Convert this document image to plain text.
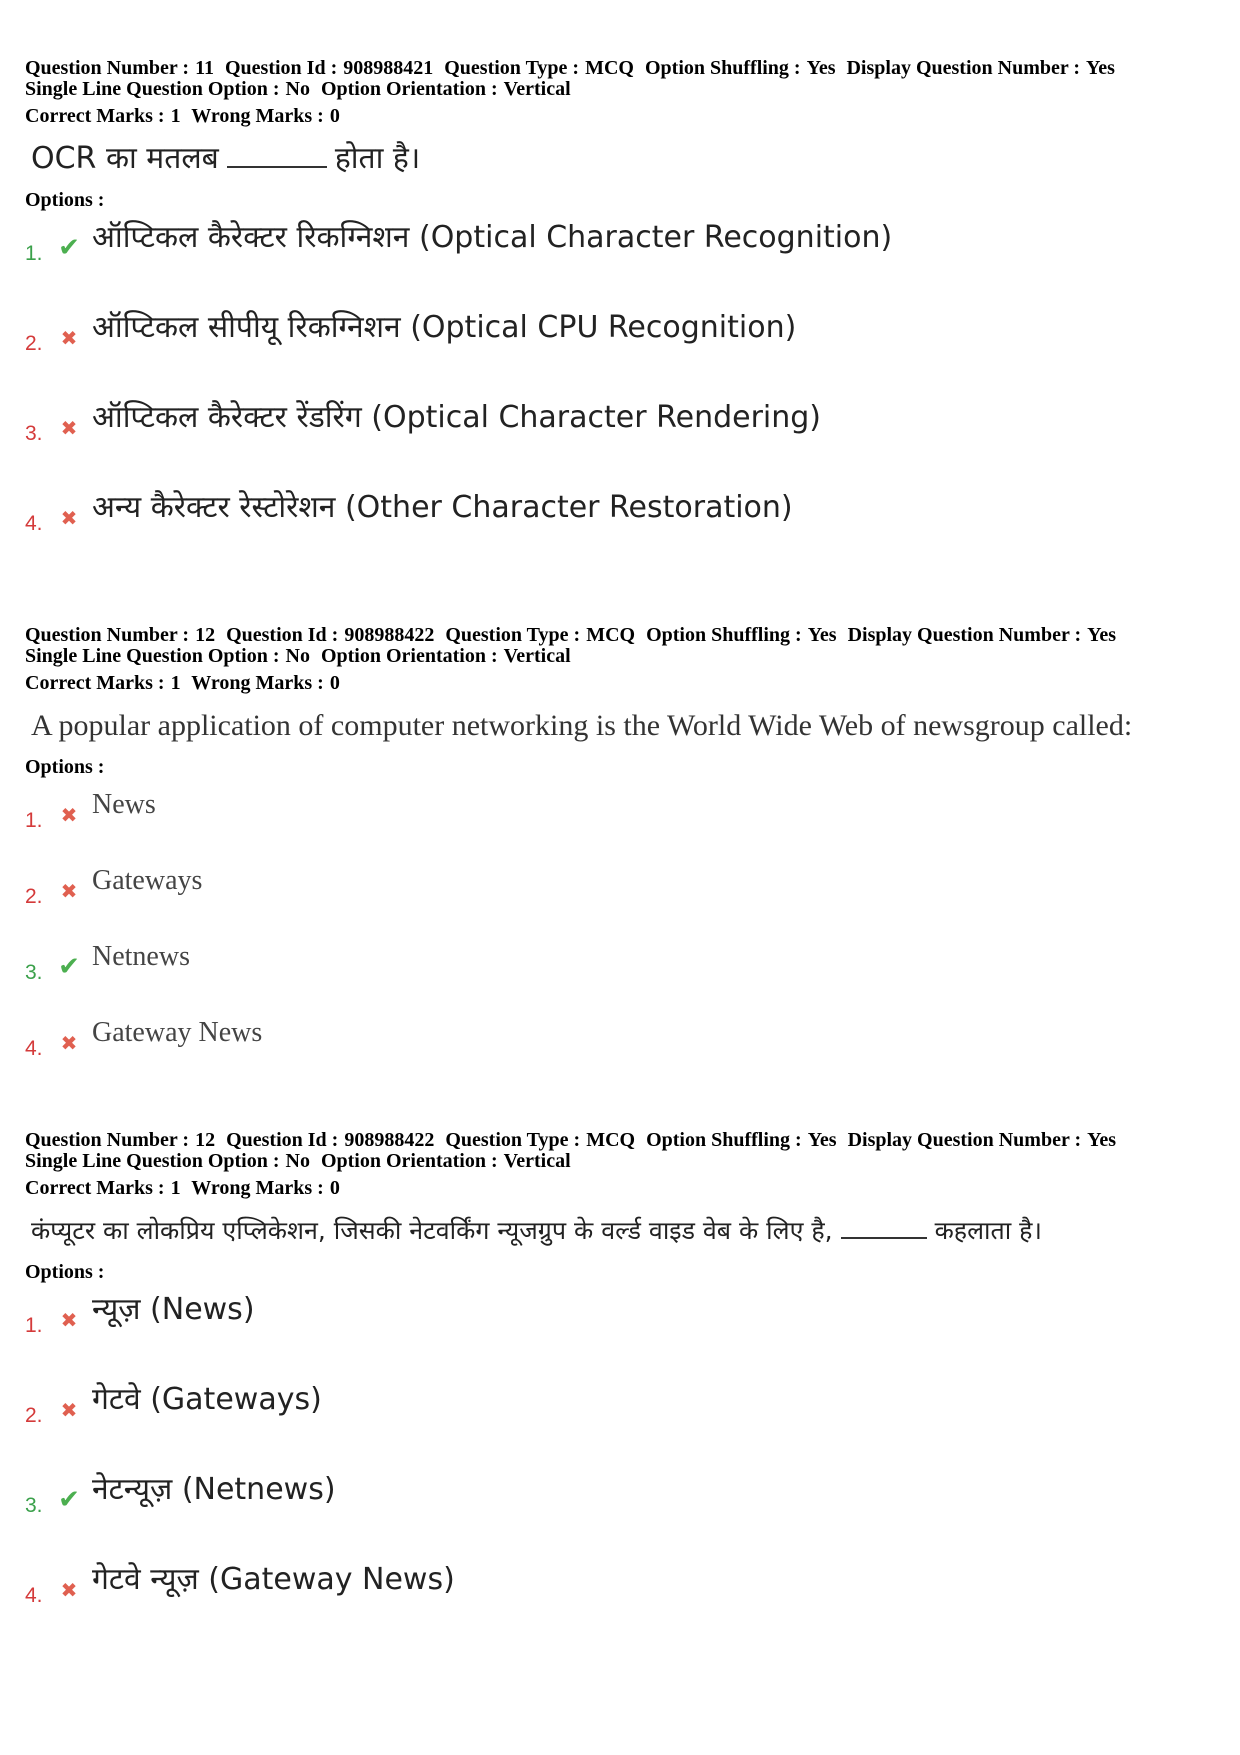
Question Number : 11 Question Id : 908988421 Question Type : MCQ Option Shuffling : Yes Display Question Number : Yes
Single Line Question Option : No Option Orientation : Vertical
Correct Marks : 1 Wrong Marks : 0
OCR का मतलब	होता है।
Options :
1. ✔ ऑप्टिकल कैरेक्टर रिकग्निशन (Optical Character Recognition)
2. ✖ ऑप्टिकल सीपीयू रिकग्निशन (Optical CPU Recognition)
3. ✖ ऑप्टिकल कैरेक्टर रेंडरिंग (Optical Character Rendering)
4. ✖ अन्य कैरेक्टर रेस्टोरेशन (Other Character Restoration)
Question Number : 12 Question Id : 908988422 Question Type : MCQ Option Shuffling : Yes Display Question Number : Yes
Single Line Question Option : No Option Orientation : Vertical
Correct Marks : 1 Wrong Marks : 0
A popular application of computer networking is the World Wide Web of newsgroup called:
Options :
1. ✖ News
2. ✖ Gateways
3. ✔ Netnews
4. ✖ Gateway News
Question Number : 12 Question Id : 908988422 Question Type : MCQ Option Shuffling : Yes Display Question Number : Yes
Single Line Question Option : No Option Orientation : Vertical
Correct Marks : 1 Wrong Marks : 0
कंप्यूटर का लोकप्रिय एप्लिकेशन, जिसकी नेटवर्किंग न्यूजग्रुप के वर्ल्ड वाइड वेब के लिए है,	कहलाता है।
Options :
1. ✖ न्यूज़ (News)
2. ✖ गेटवे (Gateways)
3. ✔ नेटन्यूज़ (Netnews)
4. ✖ गेटवे न्यूज़ (Gateway News)
